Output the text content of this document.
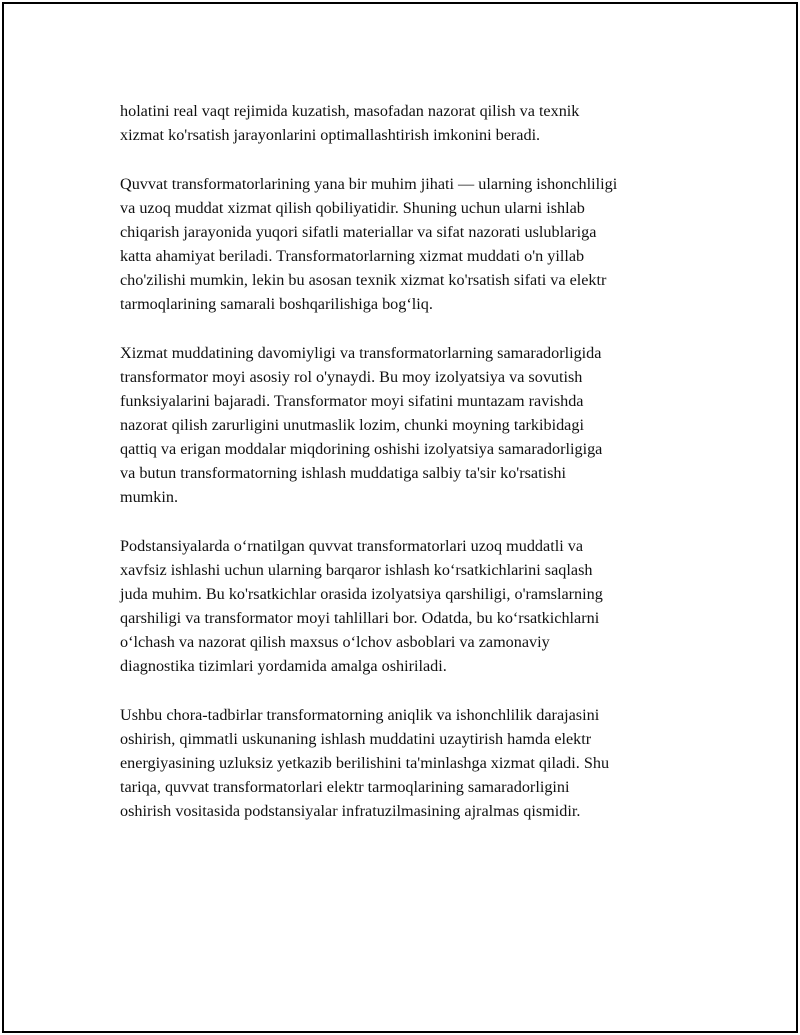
holatini real vaqt rejimida kuzatish, masofadan nazorat qilish va texnik
xizmat ko'rsatish jarayonlarini optimallashtirish imkonini beradi.

Quvvat transformatorlarining yana bir muhim jihati — ularning ishonchliligi
va uzoq muddat xizmat qilish qobiliyatidir. Shuning uchun ularni ishlab
chiqarish jarayonida yuqori sifatli materiallar va sifat nazorati uslublariga
katta ahamiyat beriladi. Transformatorlarning xizmat muddati o'n yillab
cho'zilishi mumkin, lekin bu asosan texnik xizmat ko'rsatish sifati va elektr
tarmoqlarining samarali boshqarilishiga bog‘liq.

Xizmat muddatining davomiyligi va transformatorlarning samaradorligida
transformator moyi asosiy rol o'ynaydi. Bu moy izolyatsiya va sovutish
funksiyalarini bajaradi. Transformator moyi sifatini muntazam ravishda
nazorat qilish zarurligini unutmaslik lozim, chunki moyning tarkibidagi
qattiq va erigan moddalar miqdorining oshishi izolyatsiya samaradorligiga
va butun transformatorning ishlash muddatiga salbiy ta'sir ko'rsatishi
mumkin.

Podstansiyalarda o‘rnatilgan quvvat transformatorlari uzoq muddatli va
xavfsiz ishlashi uchun ularning barqaror ishlash ko‘rsatkichlarini saqlash
juda muhim. Bu ko'rsatkichlar orasida izolyatsiya qarshiligi, o'ramslarning
qarshiligi va transformator moyi tahlillari bor. Odatda, bu ko‘rsatkichlarni
o‘lchash va nazorat qilish maxsus o‘lchov asboblari va zamonaviy
diagnostika tizimlari yordamida amalga oshiriladi.

Ushbu chora-tadbirlar transformatorning aniqlik va ishonchlilik darajasini
oshirish, qimmatli uskunaning ishlash muddatini uzaytirish hamda elektr
energiyasining uzluksiz yetkazib berilishini ta'minlashga xizmat qiladi. Shu
tariqa, quvvat transformatorlari elektr tarmoqlarining samaradorligini
oshirish vositasida podstansiyalar infratuzilmasining ajralmas qismidir.
